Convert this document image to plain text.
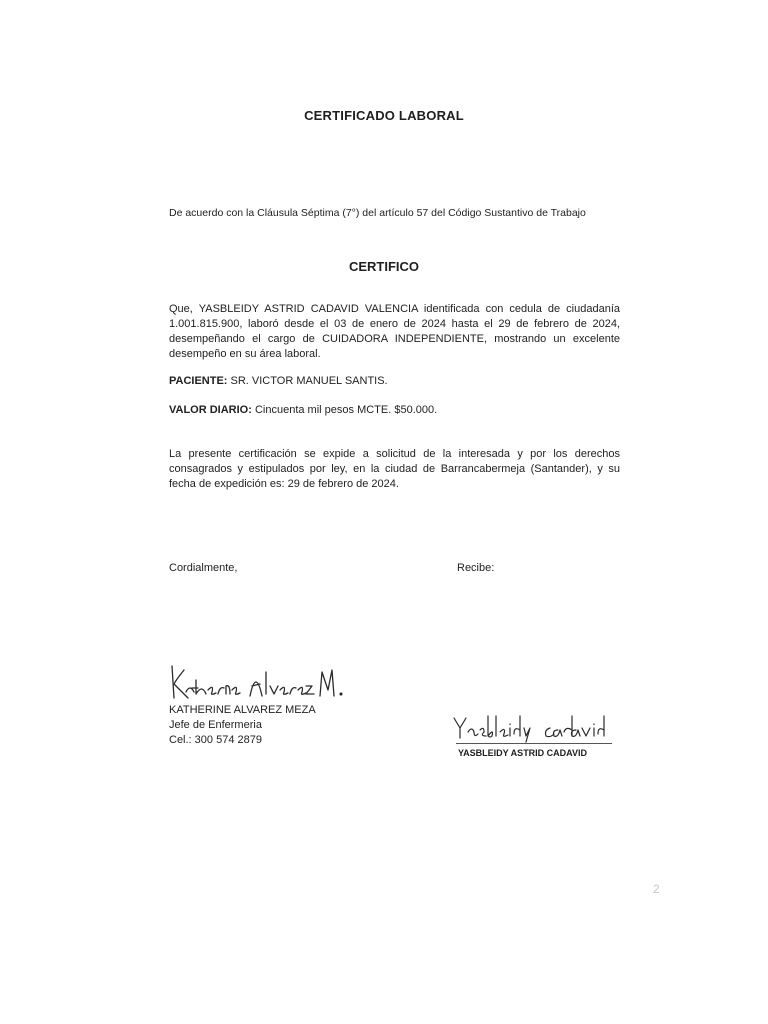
CERTIFICADO LABORAL
De acuerdo con la Cláusula Séptima (7°) del artículo 57 del Código Sustantivo de Trabajo
CERTIFICO
Que, YASBLEIDY ASTRID CADAVID VALENCIA identificada con cedula de ciudadanía 1.001.815.900, laboró desde el 03 de enero de 2024 hasta el 29 de febrero de 2024, desempeñando el cargo de CUIDADORA INDEPENDIENTE, mostrando un excelente desempeño en su área laboral.
PACIENTE: SR. VICTOR MANUEL SANTIS.
VALOR DIARIO: Cincuenta mil pesos MCTE. $50.000.
La presente certificación se expide a solicitud de la interesada y por los derechos consagrados y estipulados por ley, en la ciudad de Barrancabermeja (Santander), y su fecha de expedición es: 29 de febrero de 2024.
Cordialmente,	Recibe:
KATHERINE ALVAREZ MEZA
Jefe de Enfermeria
Cel.: 300 574 2879
YASBLEIDY ASTRID CADAVID
2
